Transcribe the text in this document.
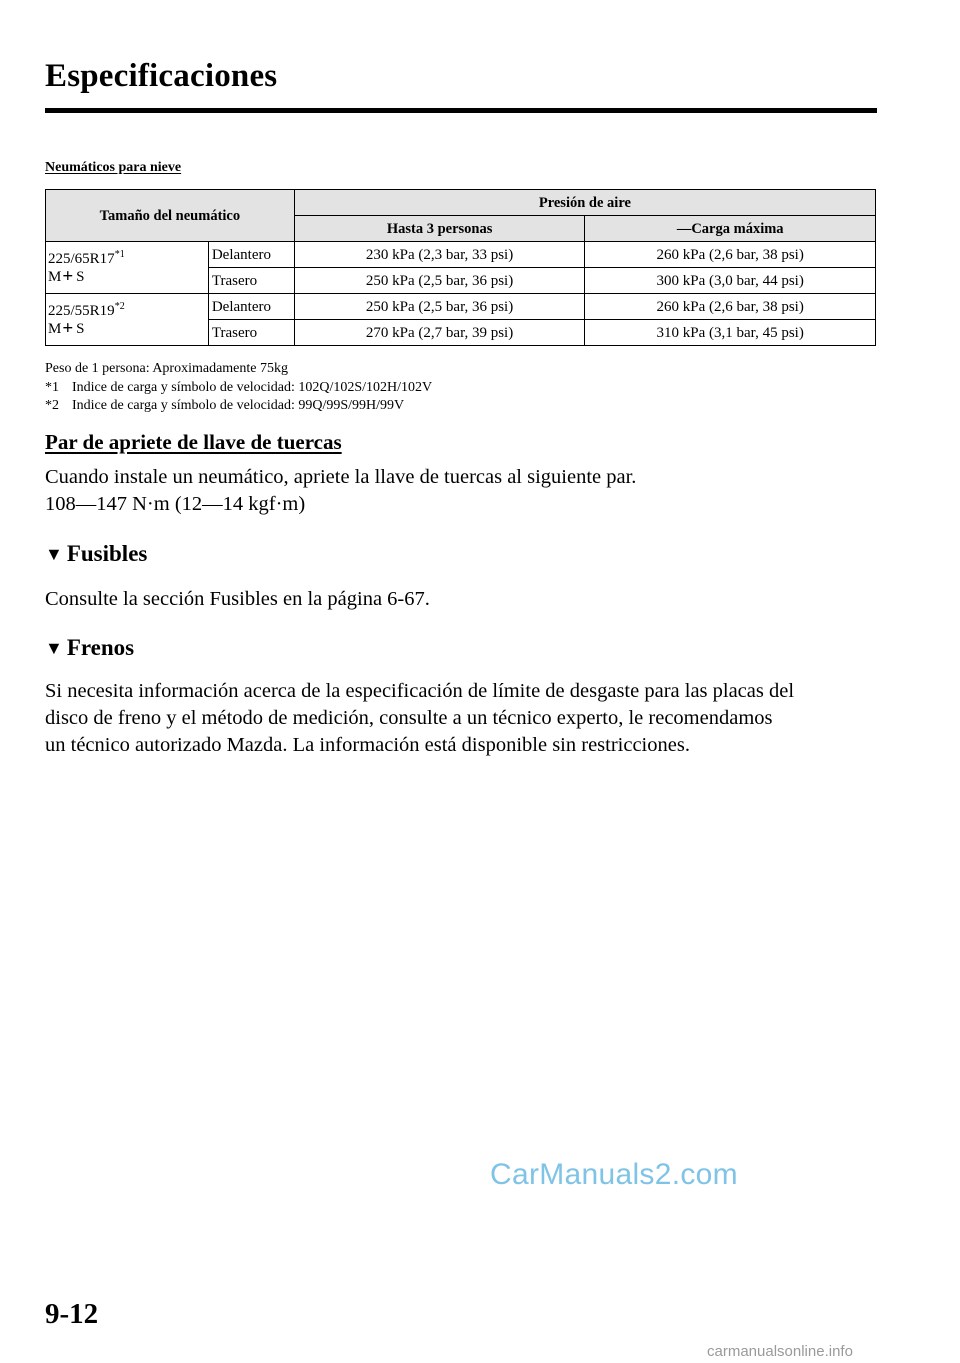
Especificaciones
Neumáticos para nieve
Tamaño del neumático		Presión de aire	
		Hasta 3 personas	―Carga máxima
225/65R17$^{*1}$

M + S	Delantero	230 kPa (2,3 bar, 33 psi)	260 kPa (2,6 bar, 38 psi)
	Trasero	250 kPa (2,5 bar, 36 psi)	300 kPa (3,0 bar, 44 psi)
225/55R19$^{*2}$

M + S	Delantero	250 kPa (2,5 bar, 36 psi)	260 kPa (2,6 bar, 38 psi)
	Trasero	270 kPa (2,7 bar, 39 psi)	310 kPa (3,1 bar, 45 psi)
Peso de 1 persona: Aproximadamente 75kg
*1 Indice de carga y símbolo de velocidad: 102Q/102S/102H/102V
*2 Indice de carga y símbolo de velocidad: 99Q/99S/99H/99V
Par de apriete de llave de tuercas
Cuando instale un neumático, apriete la llave de tuercas al siguiente par.
108―147 N·m (12―14 kgf·m)
▼ Fusibles
Consulte la sección Fusibles en la página 6-67.
▼ Frenos
Si necesita información acerca de la especificación de límite de desgaste para las placas del
disco de freno y el método de medición, consulte a un técnico experto, le recomendamos
un técnico autorizado Mazda. La información está disponible sin restricciones.
CarManuals2.com
9-12
carmanualsonline.info
